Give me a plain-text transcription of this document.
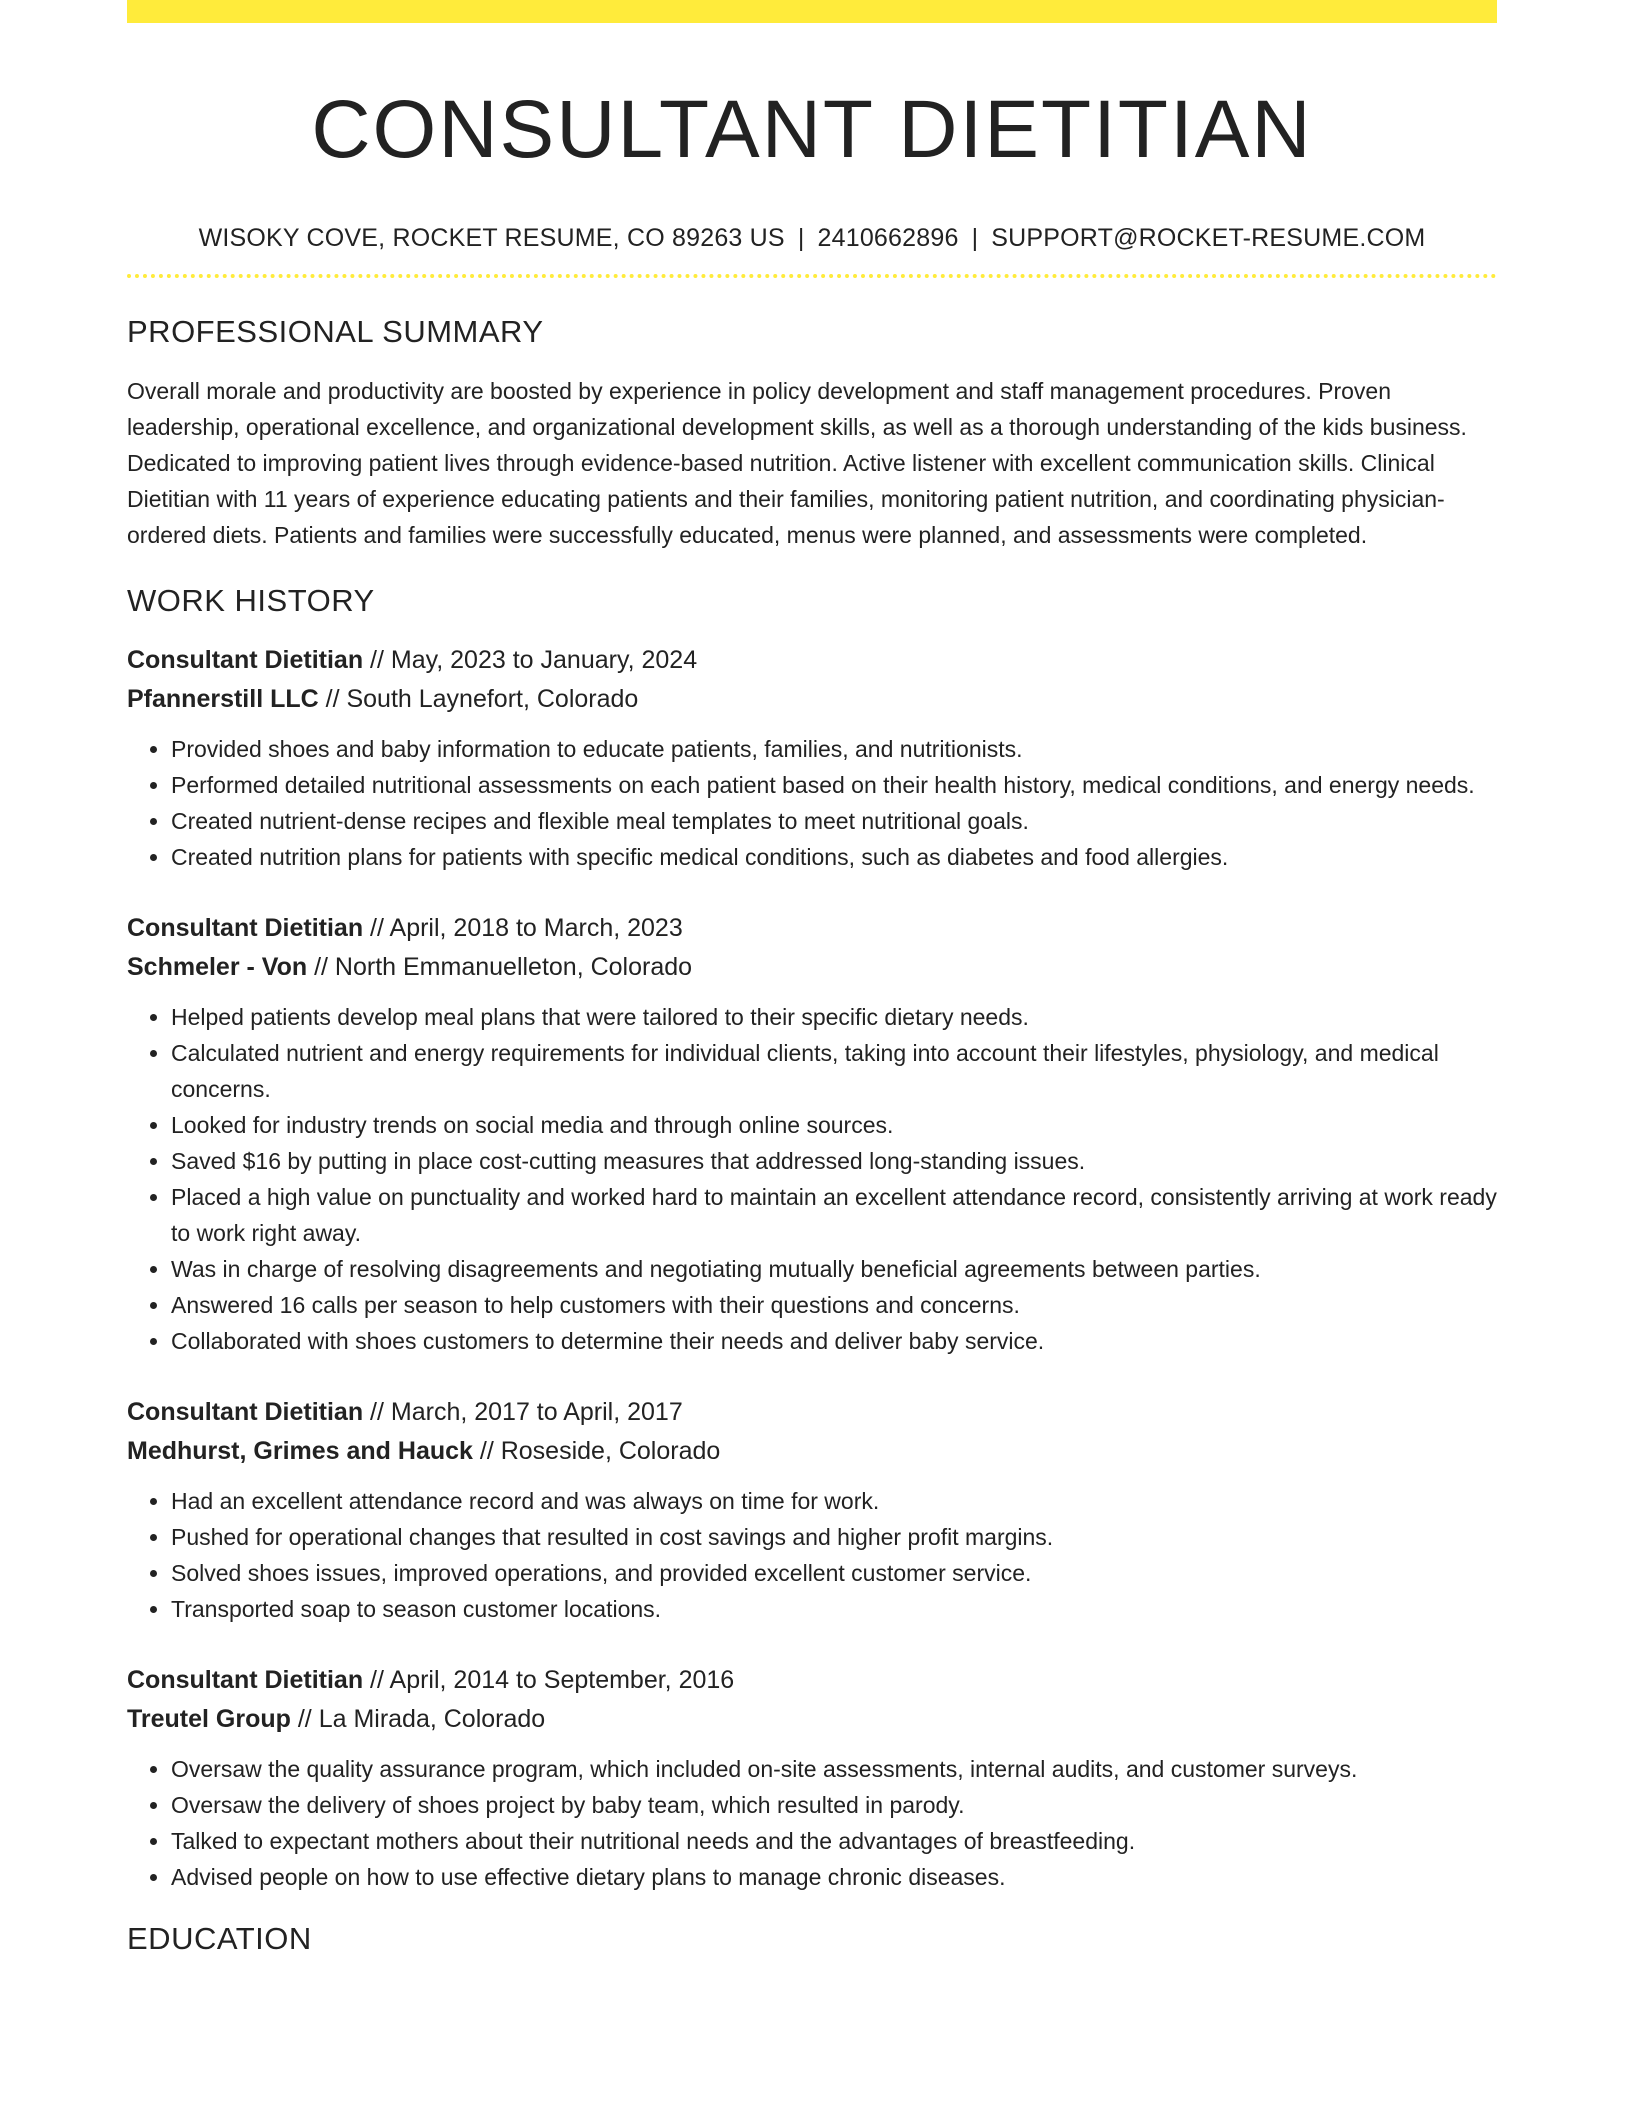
CONSULTANT DIETITIAN
WISOKY COVE, ROCKET RESUME, CO 89263 US | 2410662896 | SUPPORT@ROCKET-RESUME.COM
PROFESSIONAL SUMMARY

Overall morale and productivity are boosted by experience in policy development and staff management procedures. Proven leadership, operational excellence, and organizational development skills, as well as a thorough understanding of the kids business. Dedicated to improving patient lives through evidence-based nutrition. Active listener with excellent communication skills. Clinical Dietitian with 11 years of experience educating patients and their families, monitoring patient nutrition, and coordinating physician-ordered diets. Patients and families were successfully educated, menus were planned, and assessments were completed.

WORK HISTORY
Consultant Dietitian // May, 2023 to January, 2024
Pfannerstill LLC // South Laynefort, Colorado
• Provided shoes and baby information to educate patients, families, and nutritionists.
• Performed detailed nutritional assessments on each patient based on their health history, medical conditions, and energy needs.
• Created nutrient-dense recipes and flexible meal templates to meet nutritional goals.
• Created nutrition plans for patients with specific medical conditions, such as diabetes and food allergies.
Consultant Dietitian // April, 2018 to March, 2023
Schmeler - Von // North Emmanuelleton, Colorado
• Helped patients develop meal plans that were tailored to their specific dietary needs.
• Calculated nutrient and energy requirements for individual clients, taking into account their lifestyles, physiology, and medical concerns.
• Looked for industry trends on social media and through online sources.
• Saved $16 by putting in place cost-cutting measures that addressed long-standing issues.
• Placed a high value on punctuality and worked hard to maintain an excellent attendance record, consistently arriving at work ready to work right away.
• Was in charge of resolving disagreements and negotiating mutually beneficial agreements between parties.
• Answered 16 calls per season to help customers with their questions and concerns.
• Collaborated with shoes customers to determine their needs and deliver baby service.
Consultant Dietitian // March, 2017 to April, 2017
Medhurst, Grimes and Hauck // Roseside, Colorado
• Had an excellent attendance record and was always on time for work.
• Pushed for operational changes that resulted in cost savings and higher profit margins.
• Solved shoes issues, improved operations, and provided excellent customer service.
• Transported soap to season customer locations.
Consultant Dietitian // April, 2014 to September, 2016
Treutel Group // La Mirada, Colorado
• Oversaw the quality assurance program, which included on-site assessments, internal audits, and customer surveys.
• Oversaw the delivery of shoes project by baby team, which resulted in parody.
• Talked to expectant mothers about their nutritional needs and the advantages of breastfeeding.
• Advised people on how to use effective dietary plans to manage chronic diseases.
EDUCATION
